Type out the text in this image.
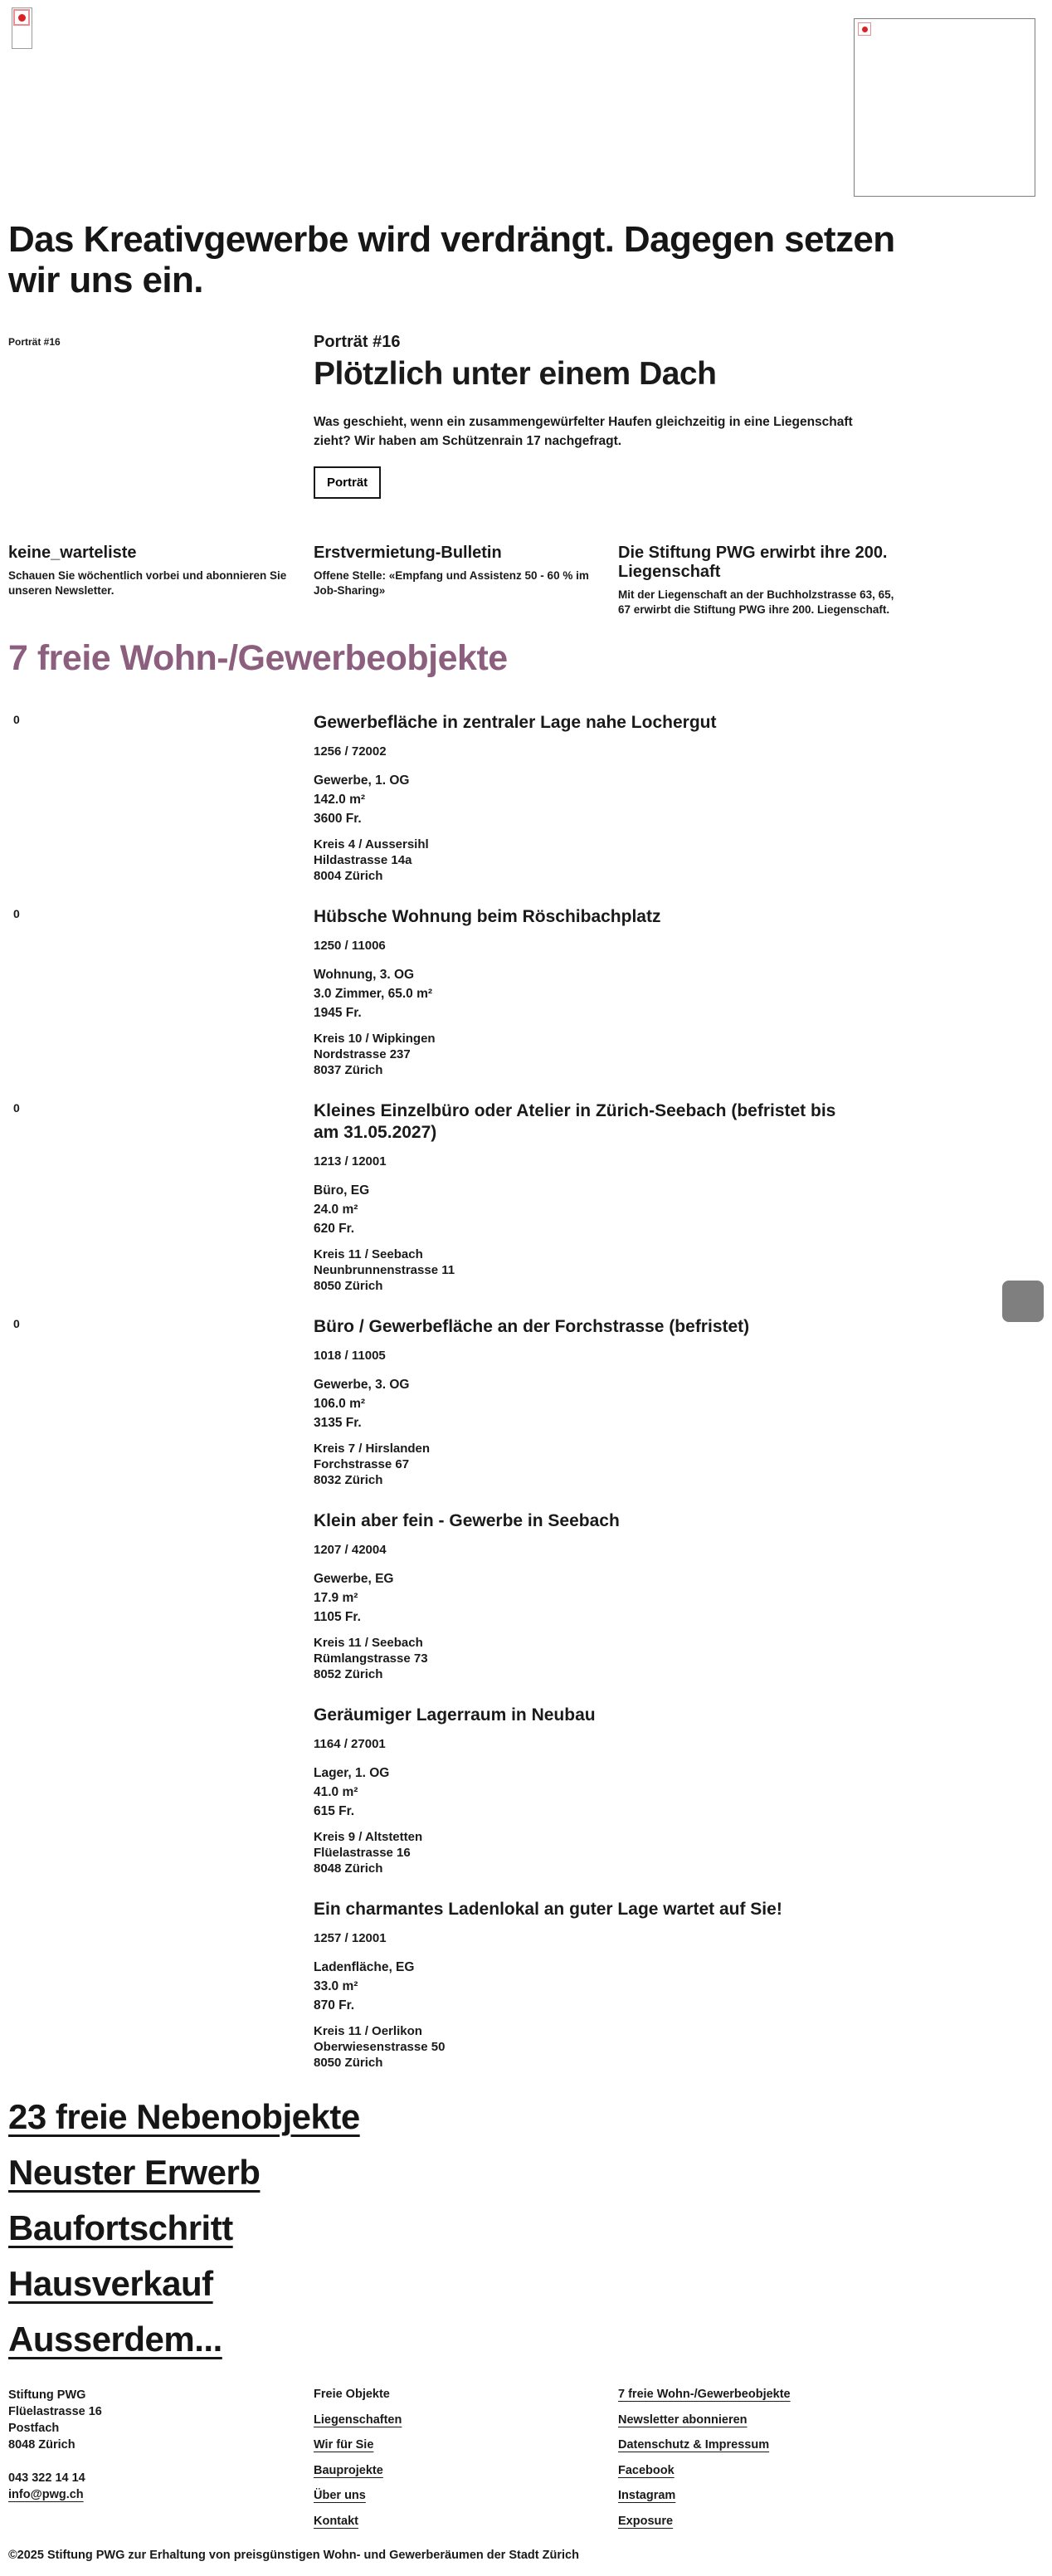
Das Kreativgewerbe wird verdrängt. Dagegen setzen wir uns ein.
Porträt #16	Porträt #16

Plötzlich unter einem Dach

Was geschieht, wenn ein zusammengewürfelter Haufen gleichzeitig in eine Liegenschaft zieht? Wir haben am Schützenrain 17 nachgefragt.

Porträt
keine_warteliste

Schauen Sie wöchentlich vorbei und abonnieren Sie unseren Newsletter.

Erstvermietung-Bulletin

Offene Stelle: «Empfang und Assistenz 50 - 60 % im Job-Sharing»

Die Stiftung PWG erwirbt ihre 200. Liegenschaft

Mit der Liegenschaft an der Buchholzstrasse 63, 65, 67 erwirbt die Stiftung PWG ihre 200. Liegenschaft.

7 freie Wohn-/Gewerbeobjekte
0	Gewerbefläche in zentraler Lage nahe Lochergut
1256 / 72002
Gewerbe, 1. OG
142.0 m²
3600 Fr.
Kreis 4 / Aussersihl
Hildastrasse 14a
8004 Zürich
0	Hübsche Wohnung beim Röschibachplatz
1250 / 11006
Wohnung, 3. OG
3.0 Zimmer, 65.0 m²
1945 Fr.
Kreis 10 / Wipkingen
Nordstrasse 237
8037 Zürich
0	Kleines Einzelbüro oder Atelier in Zürich-Seebach (befristet bis am 31.05.2027)
1213 / 12001
Büro, EG
24.0 m²
620 Fr.
Kreis 11 / Seebach
Neunbrunnenstrasse 11
8050 Zürich
0	Büro / Gewerbefläche an der Forchstrasse (befristet)
1018 / 11005
Gewerbe, 3. OG
106.0 m²
3135 Fr.
Kreis 7 / Hirslanden
Forchstrasse 67
8032 Zürich
Klein aber fein - Gewerbe in Seebach
1207 / 42004
Gewerbe, EG
17.9 m²
1105 Fr.
Kreis 11 / Seebach
Rümlangstrasse 73
8052 Zürich
Geräumiger Lagerraum in Neubau
1164 / 27001
Lager, 1. OG
41.0 m²
615 Fr.
Kreis 9 / Altstetten
Flüelastrasse 16
8048 Zürich
Ein charmantes Ladenlokal an guter Lage wartet auf Sie!
1257 / 12001
Ladenfläche, EG
33.0 m²
870 Fr.
Kreis 11 / Oerlikon
Oberwiesenstrasse 50
8050 Zürich
23 freie Nebenobjekte
Neuster Erwerb
Baufortschritt
Hausverkauf
Ausserdem...
Stiftung PWG
Flüelastrasse 16
Postfach
8048 Zürich
043 322 14 14
info@pwg.ch
Freie Objekte
Liegenschaften
Wir für Sie
Bauprojekte
Über uns
Kontakt
7 freie Wohn-/Gewerbeobjekte
Newsletter abonnieren
Datenschutz & Impressum
Facebook
Instagram
Exposure
©2025 Stiftung PWG zur Erhaltung von preisgünstigen Wohn- und Gewerberäumen der Stadt Zürich
